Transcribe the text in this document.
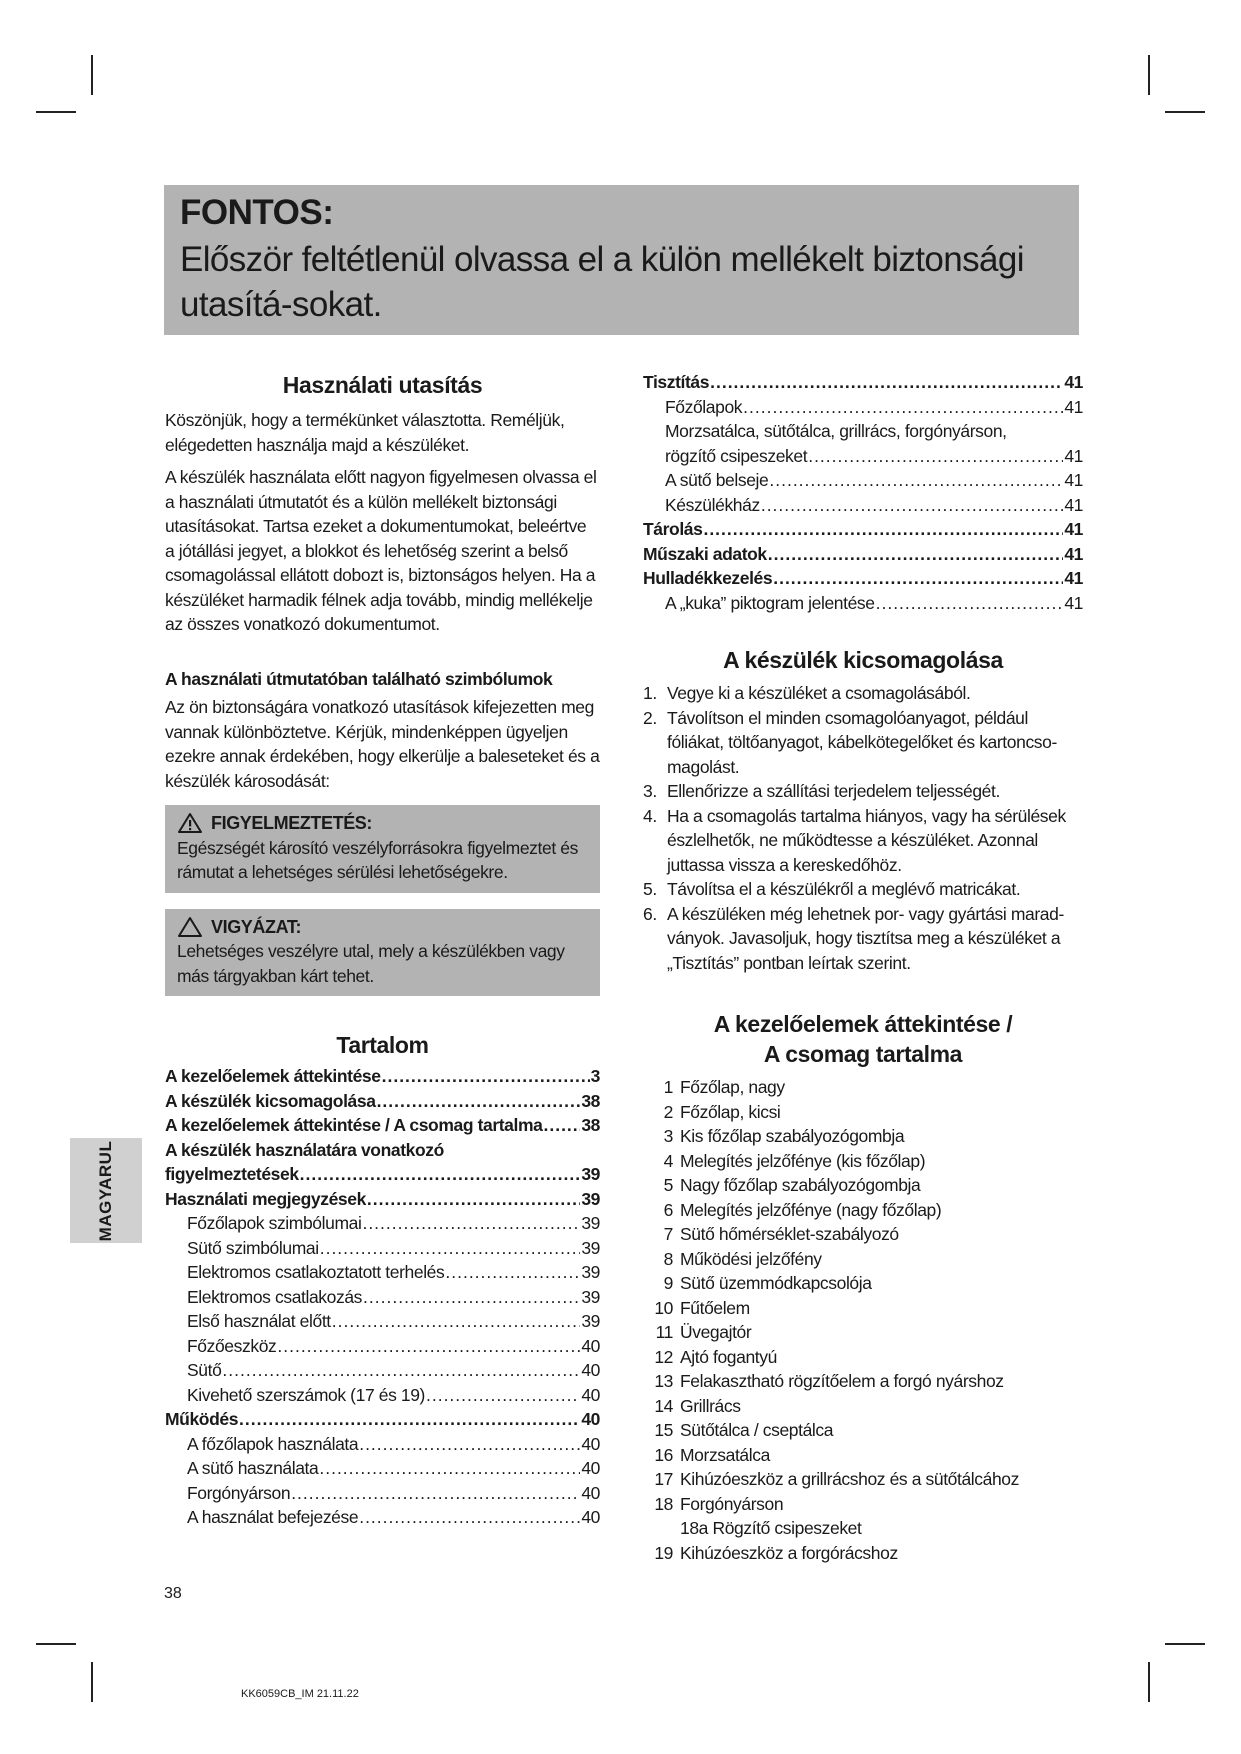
FONTOS:
Először feltétlenül olvassa el a külön mellékelt biztonsági utasítá-sokat.
Használati utasítás

Köszönjük, hogy a termékünket választotta. Reméljük, elégedetten használja majd a készüléket.

A készülék használata előtt nagyon figyelmesen olvassa el a használati útmutatót és a külön mellékelt biztonsági utasításokat. Tartsa ezeket a dokumentumokat, beleértve a jótállási jegyet, a blokkot és lehetőség szerint a belső csomagolással ellátott dobozt is, biztonságos helyen. Ha a készüléket harmadik félnek adja tovább, mindig mellékelje az összes vonatkozó dokumentumot.

A használati útmutatóban található szimbólumok

Az ön biztonságára vonatkozó utasítások kifejezetten meg vannak különböztetve. Kérjük, mindenképpen ügyeljen ezekre annak érdekében, hogy elkerülje a baleseteket és a készülék károsodását:

FIGYELMEZTETÉS:

Egészségét károsító veszélyforrásokra figyelmeztet és rámutat a lehetséges sérülési lehetőségekre.

VIGYÁZAT:

Lehetséges veszélyre utal, mely a készülékben vagy más tárgyakban kárt tehet.

Tartalom
A kezelőelemek áttekintése .....	3
A készülék kicsomagolása .....	38
A kezelőelemek áttekintése / A csomag tartalma ..... 38
A készülék használatára vonatkozó
figyelmeztetések .....	39
Használati megjegyzések .....	39
Főzőlapok szimbólumai .....	39
Sütő szimbólumai .....	39
Elektromos csatlakoztatott terhelés .....	39
Elektromos csatlakozás .....	39
Első használat előtt .....	39
Főzőeszköz .....	40
Sütő .....	40
Kivehető szerszámok (17 és 19) .....	40
Működés .....	40
A főzőlapok használata .....	40
A sütő használata .....	40
Forgónyárson .....	40
A használat befejezése .....	40
Tisztítás .....	41
Főzőlapok .....	41
Morzsatálca, sütőtálca, grillrács, forgónyárson,
rögzítő csipeszeket .....	41
A sütő belseje .....	41
Készülékház .....	41
Tárolás .....	41
Műszaki adatok .....	41
Hulladékkezelés .....	41
A „kuka” piktogram jelentése .....	41
A készülék kicsomagolása
1. Vegye ki a készüléket a csomagolásából.
2. Távolítson el minden csomagolóanyagot, például fóliákat, töltőanyagot, kábelkötegelőket és kartoncso-magolást.
3. Ellenőrizze a szállítási terjedelem teljességét.
4. Ha a csomagolás tartalma hiányos, vagy ha sérülések észlelhetők, ne működtesse a készüléket. Azonnal juttassa vissza a kereskedőhöz.
5. Távolítsa el a készülékről a meglévő matricákat.
6. A készüléken még lehetnek por- vagy gyártási marad-ványok. Javasoljuk, hogy tisztítsa meg a készüléket a „Tisztítás” pontban leírtak szerint.
A kezelőelemek áttekintése /
A csomag tartalma
1 Főzőlap, nagy
2 Főzőlap, kicsi
3 Kis főzőlap szabályozógombja
4 Melegítés jelzőfénye (kis főzőlap)
5 Nagy főzőlap szabályozógombja
6 Melegítés jelzőfénye (nagy főzőlap)
7 Sütő hőmérséklet-szabályozó
8 Működési jelzőfény
9 Sütő üzemmódkapcsolója
10 Fűtőelem
11 Üvegajtór
12 Ajtó fogantyú
13 Felakasztható rögzítőelem a forgó nyárshoz
14 Grillrács
15 Sütőtálca / cseptálca
16 Morzsatálca
17 Kihúzóeszköz a grillrácshoz és a sütőtálcához
18 Forgónyárson
18a Rögzítő csipeszeket
19 Kihúzóeszköz a forgórácshoz
MAGYARUL
38
KK6059CB_IM 21.11.22
